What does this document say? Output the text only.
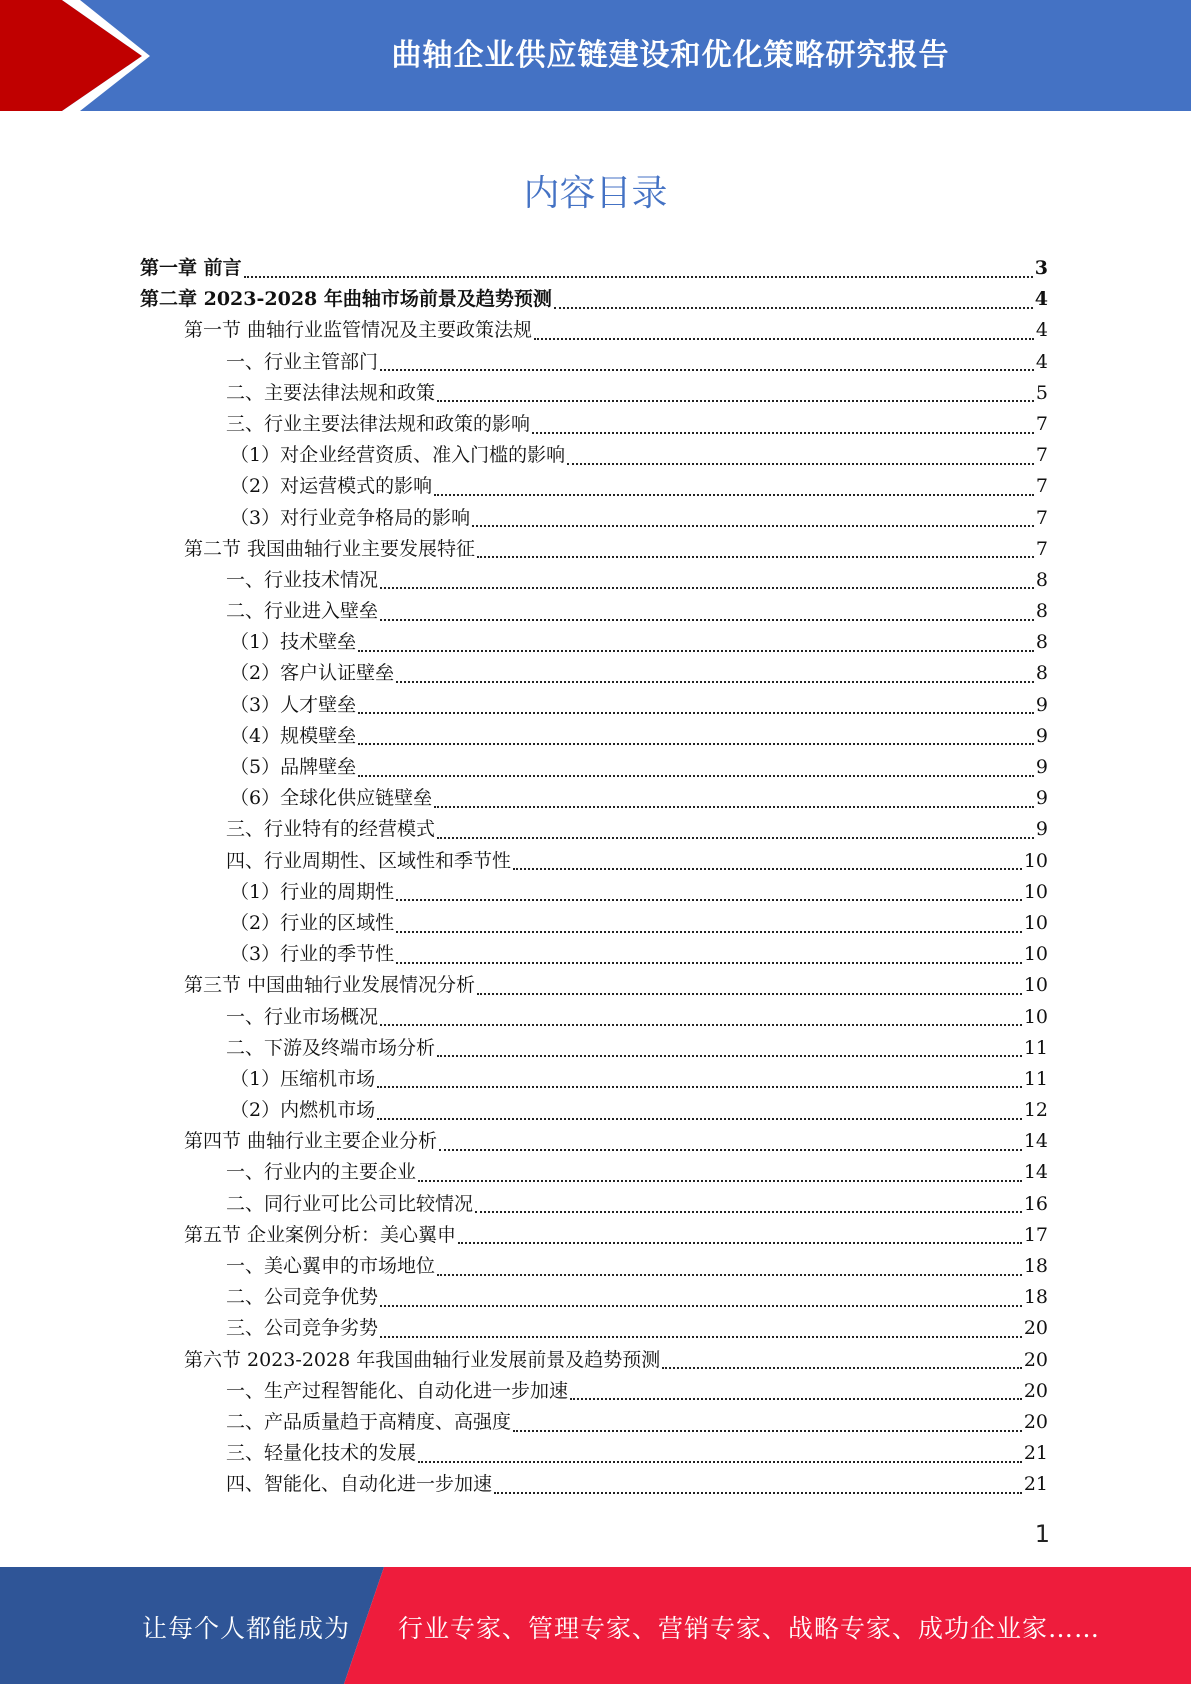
曲轴企业供应链建设和优化策略研究报告
内容目录
第一章 前言	3
第二章 2023-2028 年曲轴市场前景及趋势预测	4
第一节 曲轴行业监管情况及主要政策法规	4
一、行业主管部门	4
二、主要法律法规和政策	5
三、行业主要法律法规和政策的影响	7
（1）对企业经营资质、准入门槛的影响	7
（2）对运营模式的影响	7
（3）对行业竞争格局的影响	7
第二节 我国曲轴行业主要发展特征	7
一、行业技术情况	8
二、行业进入壁垒	8
（1）技术壁垒	8
（2）客户认证壁垒	8
（3）人才壁垒	9
（4）规模壁垒	9
（5）品牌壁垒	9
（6）全球化供应链壁垒	9
三、行业特有的经营模式	9
四、行业周期性、区域性和季节性	10
（1）行业的周期性	10
（2）行业的区域性	10
（3）行业的季节性	10
第三节 中国曲轴行业发展情况分析	10
一、行业市场概况	10
二、下游及终端市场分析	11
（1）压缩机市场	11
（2）内燃机市场	12
第四节 曲轴行业主要企业分析	14
一、行业内的主要企业	14
二、同行业可比公司比较情况	16
第五节 企业案例分析：美心翼申	17
一、美心翼申的市场地位	18
二、公司竞争优势	18
三、公司竞争劣势	20
第六节 2023-2028 年我国曲轴行业发展前景及趋势预测	20
一、生产过程智能化、自动化进一步加速	20
二、产品质量趋于高精度、高强度	20
三、轻量化技术的发展	21
四、智能化、自动化进一步加速	21
1
让每个人都能成为 行业专家、管理专家、营销专家、战略专家、成功企业家……
